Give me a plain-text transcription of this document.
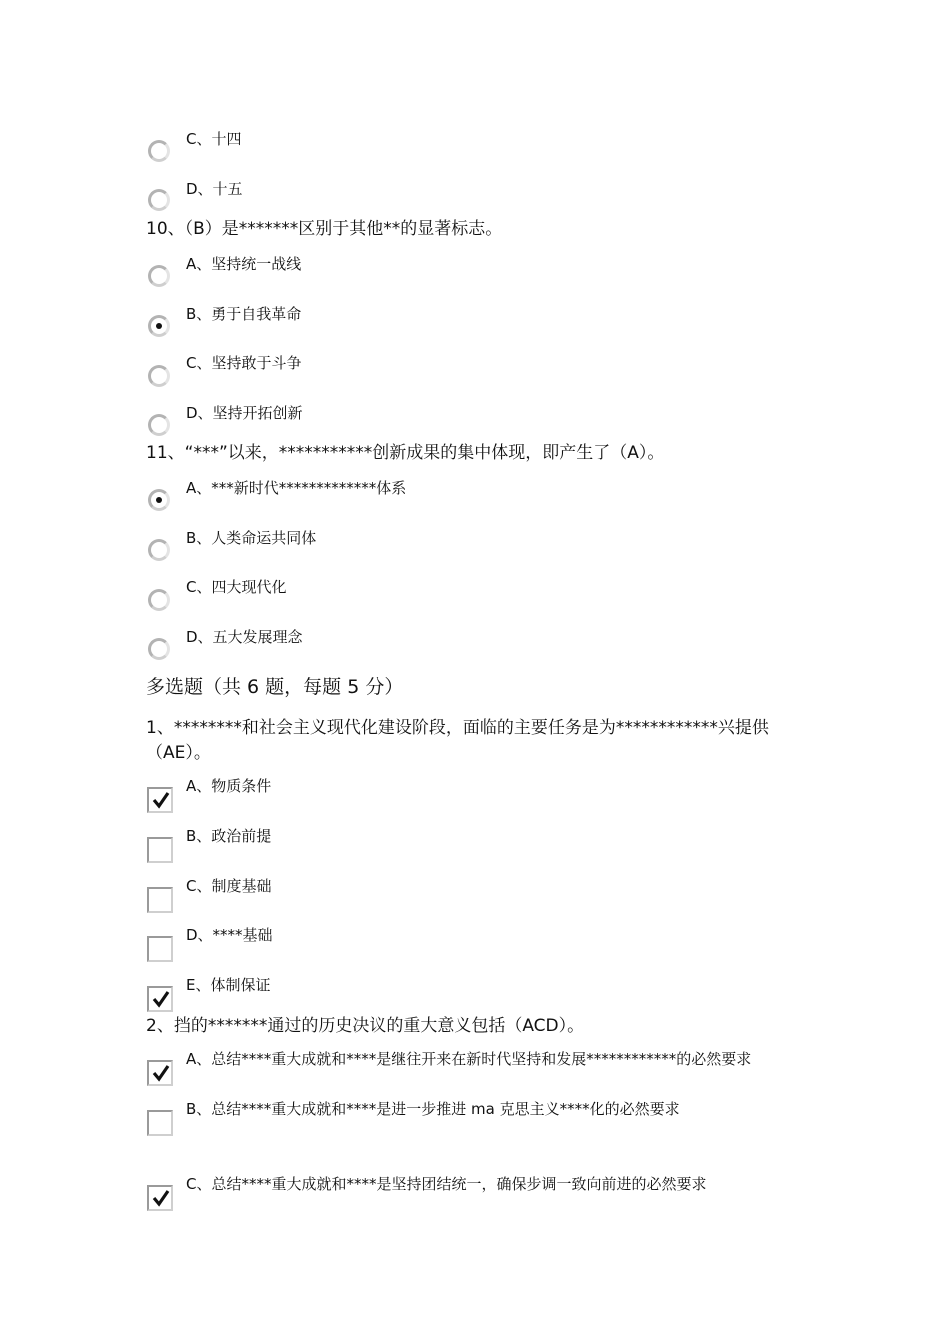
C、十四
D、十五
10、（B）是*******区别于其他**的显著标志。
A、坚持统一战线
B、勇于自我革命
C、坚持敢于斗争
D、坚持开拓创新
11、“***”以来，***********创新成果的集中体现，即产生了（A）。
A、***新时代*************体系
B、人类命运共同体
C、四大现代化
D、五大发展理念
多选题（共 6 题，每题 5 分）
1、********和社会主义现代化建设阶段，面临的主要任务是为************兴提供
（AE）。
A、物质条件
B、政治前提
C、制度基础
D、****基础
E、体制保证
2、挡的*******通过的历史决议的重大意义包括（ACD）。
A、总结****重大成就和****是继往开来在新时代坚持和发展************的必然要求
B、总结****重大成就和****是进一步推进 ma 克思主义****化的必然要求
C、总结****重大成就和****是坚持团结统一，确保步调一致向前进的必然要求
